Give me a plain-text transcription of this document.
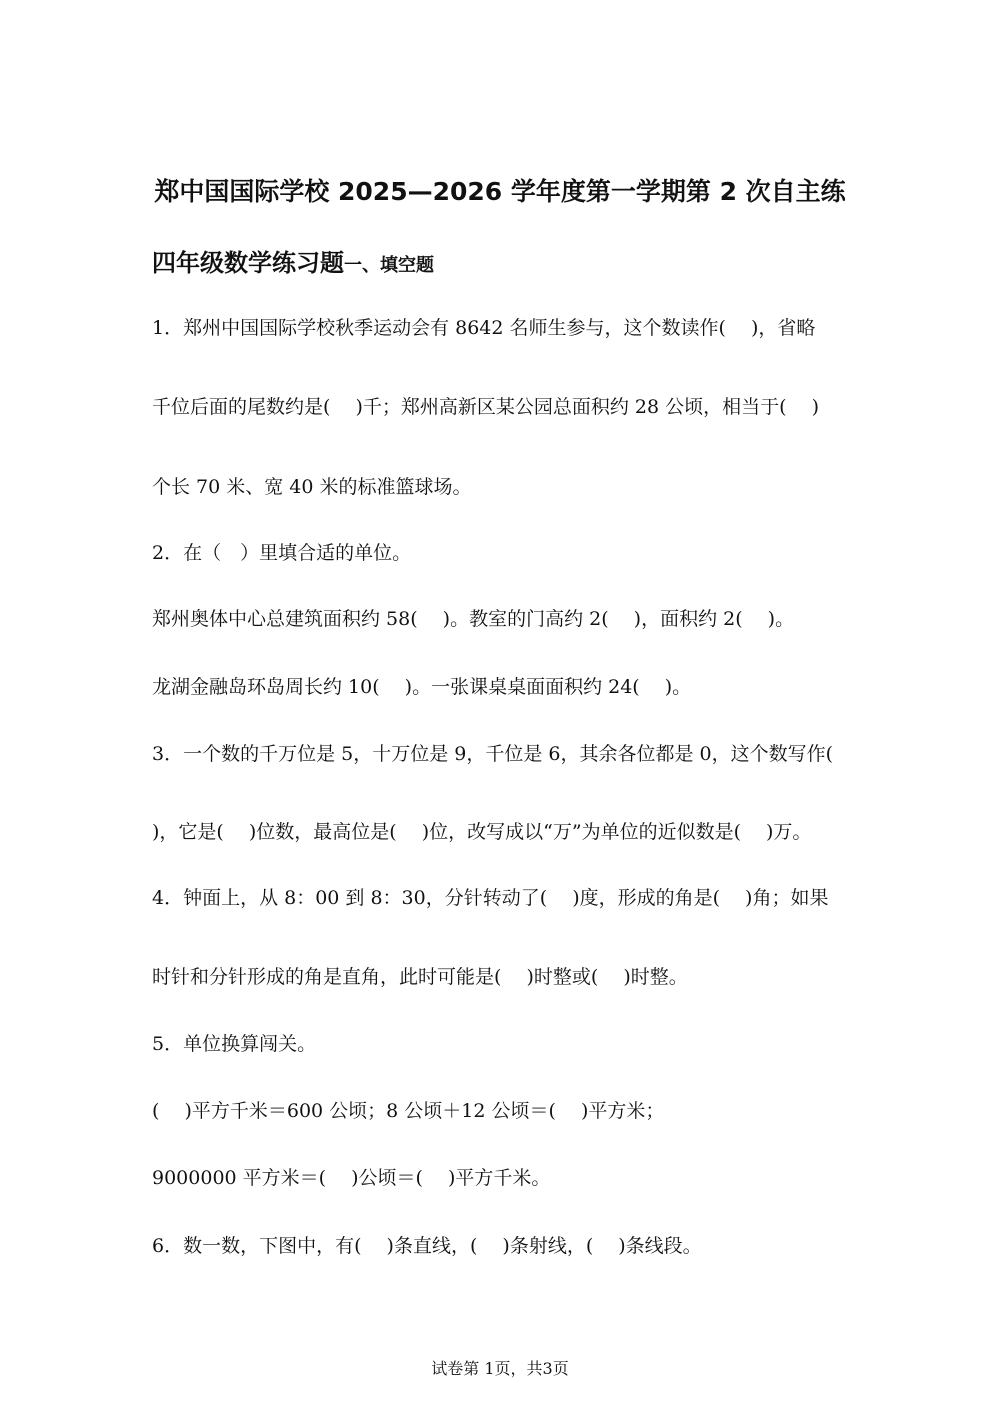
郑中国国际学校 2025—2026 学年度第一学期第 2 次自主练
四年级数学练习题一、填空题
1．郑州中国国际学校秋季运动会有 8642 名师生参与，这个数读作(　 )，省略
千位后面的尾数约是(　 )千；郑州高新区某公园总面积约 28 公顷，相当于(　 )
个长 70 米、宽 40 米的标准篮球场。
2．在（　）里填合适的单位。
郑州奥体中心总建筑面积约 58(　 )。教室的门高约 2(　 )，面积约 2(　 )。
龙湖金融岛环岛周长约 10(　 )。一张课桌桌面面积约 24(　 )。
3．一个数的千万位是 5，十万位是 9，千位是 6，其余各位都是 0，这个数写作(
)，它是(　 )位数，最高位是(　 )位，改写成以“万”为单位的近似数是(　 )万。
4．钟面上，从 8：00 到 8：30，分针转动了(　 )度，形成的角是(　 )角；如果
时针和分针形成的角是直角，此时可能是(　 )时整或(　 )时整。
5．单位换算闯关。
(　 )平方千米＝600 公顷；8 公顷＋12 公顷＝(　 )平方米；
9000000 平方米＝(　 )公顷＝(　 )平方千米。
6．数一数，下图中，有(　 )条直线，(　 )条射线，(　 )条线段。
试卷第 1页，共3页
